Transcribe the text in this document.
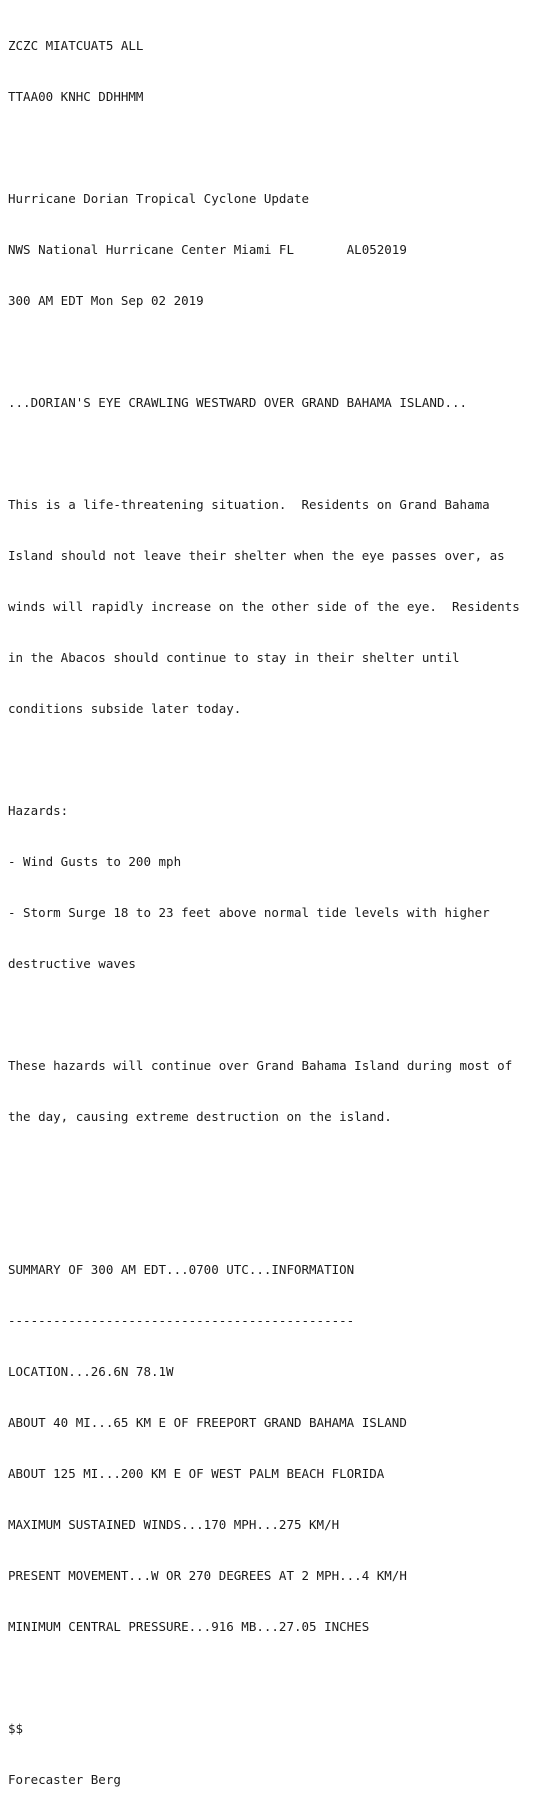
ZCZC MIATCUAT5 ALL

TTAA00 KNHC DDHHMM

Hurricane Dorian Tropical Cyclone Update

NWS National Hurricane Center Miami FL       AL052019

300 AM EDT Mon Sep 02 2019

...DORIAN'S EYE CRAWLING WESTWARD OVER GRAND BAHAMA ISLAND...

This is a life-threatening situation.  Residents on Grand Bahama

Island should not leave their shelter when the eye passes over, as

winds will rapidly increase on the other side of the eye.  Residents

in the Abacos should continue to stay in their shelter until

conditions subside later today.

Hazards:

- Wind Gusts to 200 mph

- Storm Surge 18 to 23 feet above normal tide levels with higher

destructive waves

These hazards will continue over Grand Bahama Island during most of

the day, causing extreme destruction on the island.

SUMMARY OF 300 AM EDT...0700 UTC...INFORMATION

----------------------------------------------

LOCATION...26.6N 78.1W

ABOUT 40 MI...65 KM E OF FREEPORT GRAND BAHAMA ISLAND

ABOUT 125 MI...200 KM E OF WEST PALM BEACH FLORIDA

MAXIMUM SUSTAINED WINDS...170 MPH...275 KM/H

PRESENT MOVEMENT...W OR 270 DEGREES AT 2 MPH...4 KM/H

MINIMUM CENTRAL PRESSURE...916 MB...27.05 INCHES

$$

Forecaster Berg
